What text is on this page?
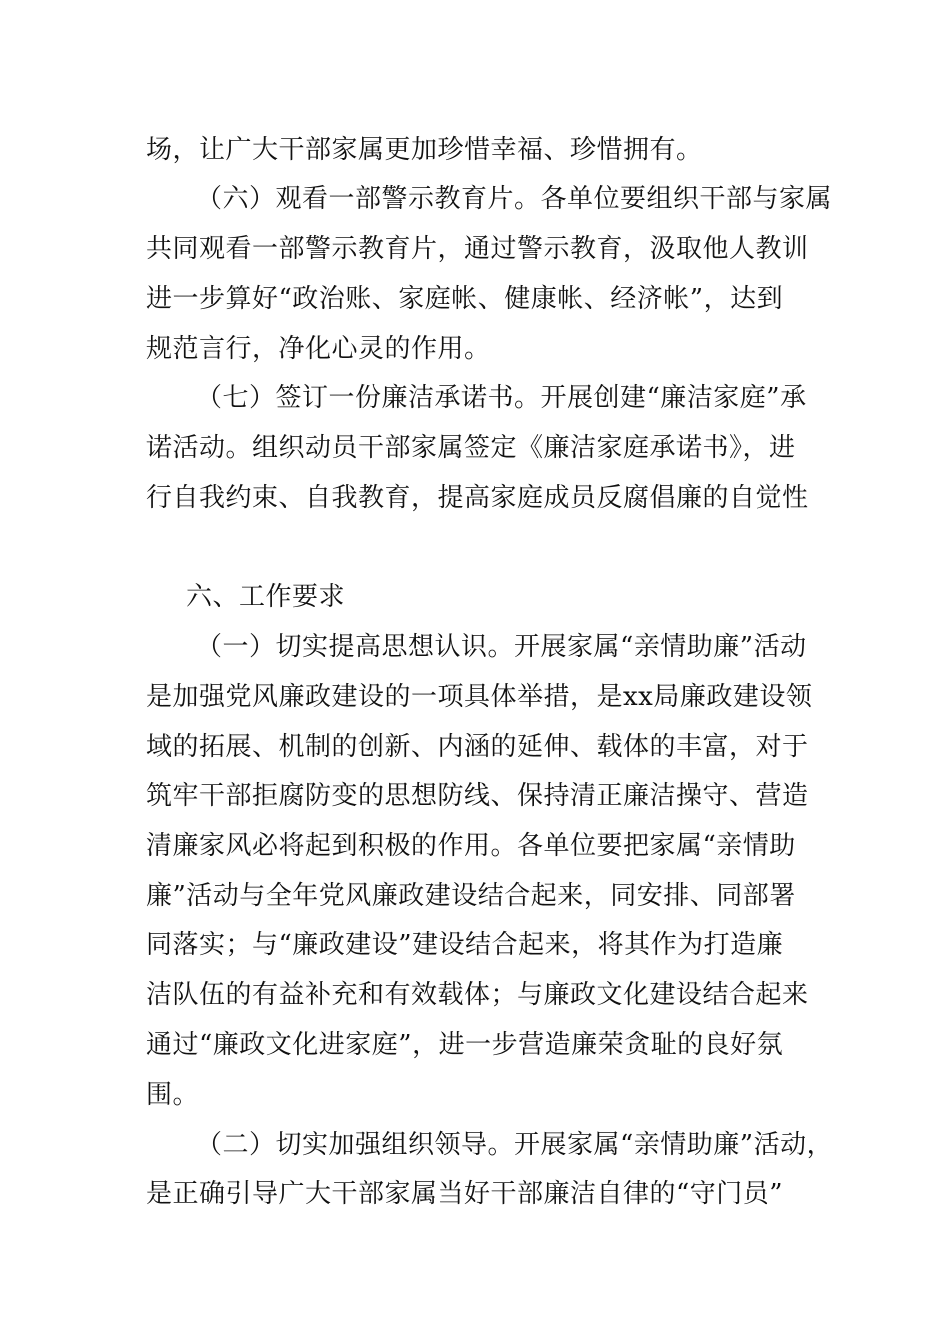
场，让广大干部家属更加珍惜幸福、珍惜拥有。

（六）观看一部警示教育片。各单位要组织干部与家属

共同观看一部警示教育片，通过警示教育，汲取他人教训

进一步算好“政治账、家庭帐、健康帐、经济帐”，达到

规范言行，净化心灵的作用。

（七）签订一份廉洁承诺书。开展创建“廉洁家庭”承

诺活动。组织动员干部家属签定《廉洁家庭承诺书》，进

行自我约束、自我教育，提高家庭成员反腐倡廉的自觉性

六、工作要求

（一）切实提高思想认识。开展家属“亲情助廉”活动

是加强党风廉政建设的一项具体举措，是xx局廉政建设领

域的拓展、机制的创新、内涵的延伸、载体的丰富，对于

筑牢干部拒腐防变的思想防线、保持清正廉洁操守、营造

清廉家风必将起到积极的作用。各单位要把家属“亲情助

廉”活动与全年党风廉政建设结合起来，同安排、同部署

同落实；与“廉政建设”建设结合起来，将其作为打造廉

洁队伍的有益补充和有效载体；与廉政文化建设结合起来

通过“廉政文化进家庭”，进一步营造廉荣贪耻的良好氛

围。

（二）切实加强组织领导。开展家属“亲情助廉”活动，

是正确引导广大干部家属当好干部廉洁自律的“守门员”
